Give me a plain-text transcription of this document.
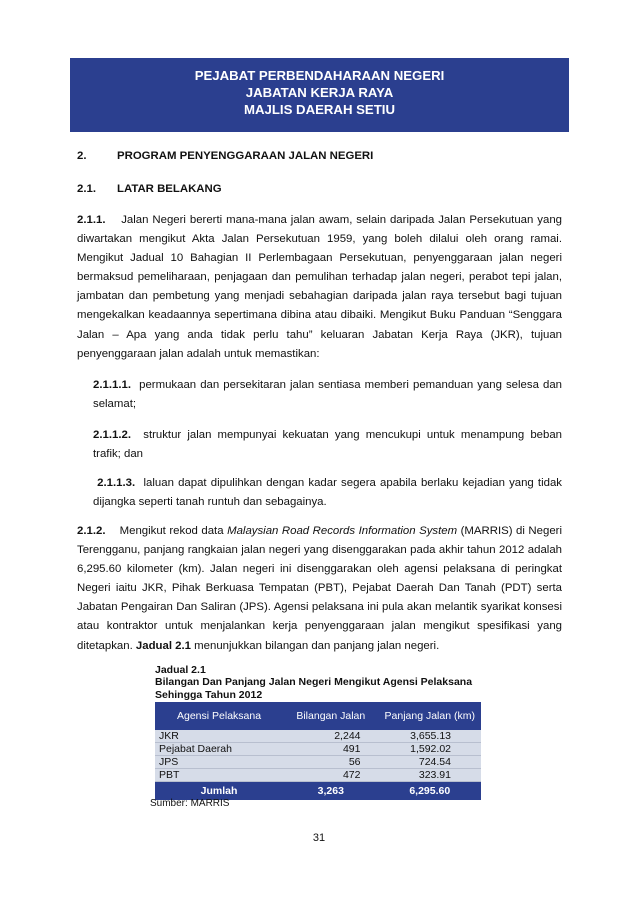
PEJABAT PERBENDAHARAAN NEGERI
JABATAN KERJA RAYA
MAJLIS DAERAH SETIU
2.	PROGRAM PENYENGGARAAN JALAN NEGERI
2.1. LATAR BELAKANG
2.1.1. Jalan Negeri bererti mana-mana jalan awam, selain daripada Jalan Persekutuan yang diwartakan mengikut Akta Jalan Persekutuan 1959, yang boleh dilalui oleh orang ramai. Mengikut Jadual 10 Bahagian II Perlembagaan Persekutuan, penyenggaraan jalan negeri bermaksud pemeliharaan, penjagaan dan pemulihan terhadap jalan negeri, perabot tepi jalan, jambatan dan pembetung yang menjadi sebahagian daripada jalan raya tersebut bagi tujuan mengekalkan keadaannya sepertimana dibina atau dibaiki. Mengikut Buku Panduan “Senggara Jalan – Apa yang anda tidak perlu tahu” keluaran Jabatan Kerja Raya (JKR), tujuan penyenggaraan jalan adalah untuk memastikan:
2.1.1.1. permukaan dan persekitaran jalan sentiasa memberi pemanduan yang selesa dan selamat;
2.1.1.2. struktur jalan mempunyai kekuatan yang mencukupi untuk menampung beban trafik; dan
2.1.1.3. laluan dapat dipulihkan dengan kadar segera apabila berlaku kejadian yang tidak dijangka seperti tanah runtuh dan sebagainya.
2.1.2. Mengikut rekod data Malaysian Road Records Information System (MARRIS) di Negeri Terengganu, panjang rangkaian jalan negeri yang disenggarakan pada akhir tahun 2012 adalah 6,295.60 kilometer (km). Jalan negeri ini disenggarakan oleh agensi pelaksana di peringkat Negeri iaitu JKR, Pihak Berkuasa Tempatan (PBT), Pejabat Daerah Dan Tanah (PDT) serta Jabatan Pengairan Dan Saliran (JPS). Agensi pelaksana ini pula akan melantik syarikat konsesi atau kontraktor untuk menjalankan kerja penyenggaraan jalan mengikut spesifikasi yang ditetapkan. Jadual 2.1 menunjukkan bilangan dan panjang jalan negeri.
Jadual 2.1
Bilangan Dan Panjang Jalan Negeri Mengikut Agensi Pelaksana
Sehingga Tahun 2012
Agensi Pelaksana	Bilangan Jalan	Panjang Jalan (km)
JKR	2,244	3,655.13
Pejabat Daerah	491	1,592.02
JPS	56	724.54
PBT	472	323.91
Jumlah	3,263	6,295.60
Sumber: MARRIS
31
